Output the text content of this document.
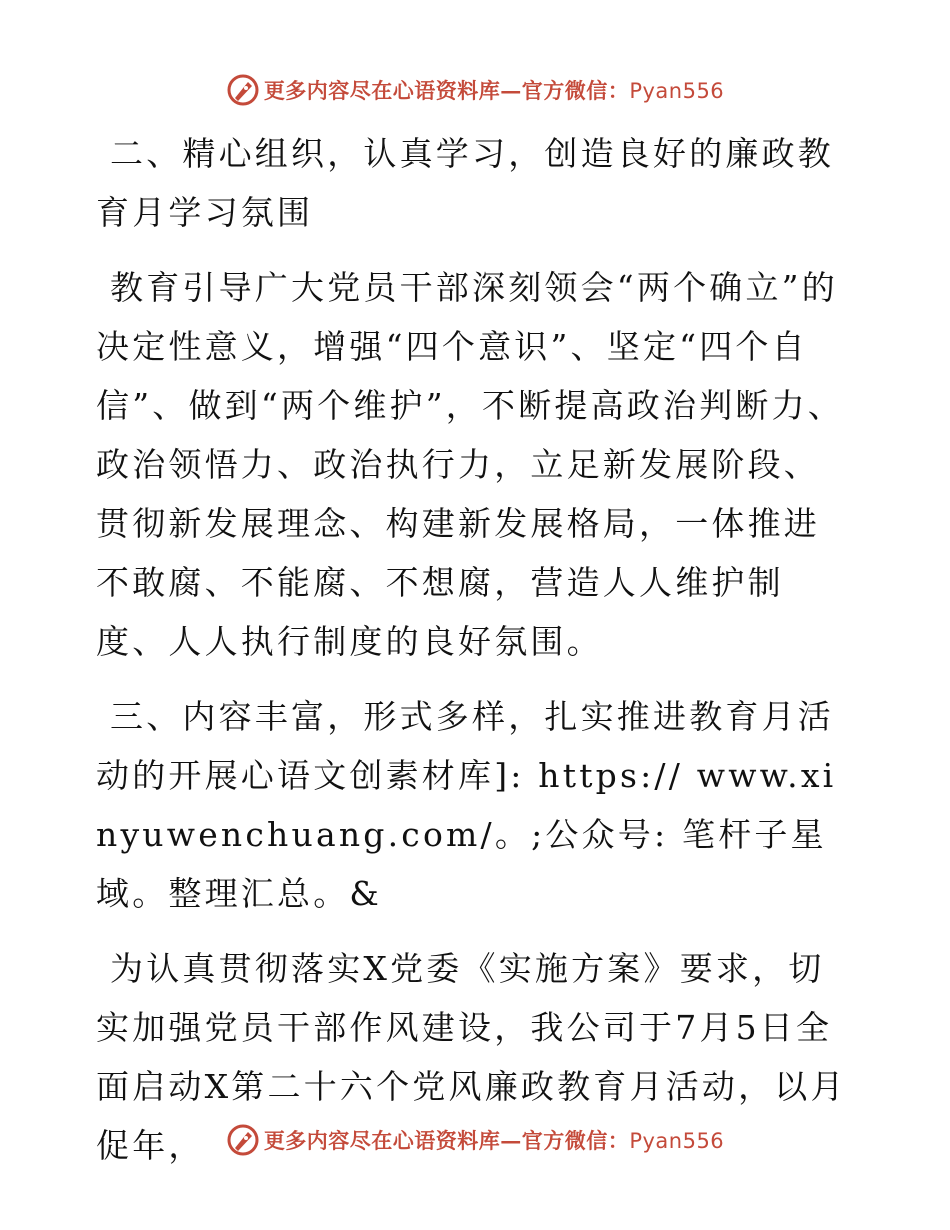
更多内容尽在心语资料库—官方微信：Pyan556

二、精心组织，认真学习，创造良好的廉政教育月学习氛围

教育引导广大党员干部深刻领会“两个确立”的决定性意义，增强“四个意识”、坚定“四个自信”、做到“两个维护”，不断提高政治判断力、政治领悟力、政治执行力，立足新发展阶段、贯彻新发展理念、构建新发展格局，一体推进不敢腐、不能腐、不想腐，营造人人维护制度、人人执行制度的良好氛围。

三、内容丰富，形式多样，扎实推进教育月活动的开展心语文创素材库]: https:// www.xinyuwenchuang.com/。;公众号: 笔杆子星域。整理汇总。&

为认真贯彻落实X党委《实施方案》要求，切实加强党员干部作风建设，我公司于7月5日全面启动X第二十六个党风廉政教育月活动，以月促年，	更多内容尽在心语资料库—官方微信：Pyan556
